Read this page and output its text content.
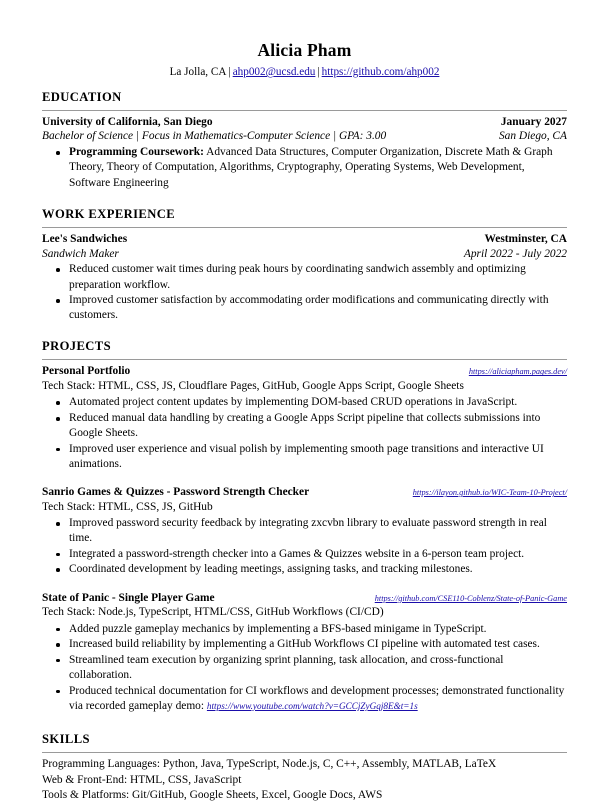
Alicia Pham
La Jolla, CA | ahp002@ucsd.edu | https://github.com/ahp002
EDUCATION
University of California, San Diego	January 2027
Bachelor of Science | Focus in Mathematics-Computer Science | GPA: 3.00	San Diego, CA
Programming Coursework: Advanced Data Structures, Computer Organization, Discrete Math & Graph Theory, Theory of Computation, Algorithms, Cryptography, Operating Systems, Web Development, Software Engineering
WORK EXPERIENCE
Lee's Sandwiches	Westminster, CA
Sandwich Maker	April 2022 - July 2022
Reduced customer wait times during peak hours by coordinating sandwich assembly and optimizing preparation workflow.
Improved customer satisfaction by accommodating order modifications and communicating directly with customers.
PROJECTS
Personal Portfolio	https://aliciapham.pages.dev/
Tech Stack: HTML, CSS, JS, Cloudflare Pages, GitHub, Google Apps Script, Google Sheets
Automated project content updates by implementing DOM-based CRUD operations in JavaScript.
Reduced manual data handling by creating a Google Apps Script pipeline that collects submissions into Google Sheets.
Improved user experience and visual polish by implementing smooth page transitions and interactive UI animations.
Sanrio Games & Quizzes - Password Strength Checker	https://ilayon.github.io/WIC-Team-10-Project/
Tech Stack: HTML, CSS, JS, GitHub
Improved password security feedback by integrating zxcvbn library to evaluate password strength in real time.
Integrated a password-strength checker into a Games & Quizzes website in a 6-person team project.
Coordinated development by leading meetings, assigning tasks, and tracking milestones.
State of Panic - Single Player Game	https://github.com/CSE110-Coblenz/State-of-Panic-Game
Tech Stack: Node.js, TypeScript, HTML/CSS, GitHub Workflows (CI/CD)
Added puzzle gameplay mechanics by implementing a BFS-based minigame in TypeScript.
Increased build reliability by implementing a GitHub Workflows CI pipeline with automated test cases.
Streamlined team execution by organizing sprint planning, task allocation, and cross-functional collaboration.
Produced technical documentation for CI workflows and development processes; demonstrated functionality via recorded gameplay demo: https://www.youtube.com/watch?v=GCCjZyGqj8E&t=1s
SKILLS
Programming Languages: Python, Java, TypeScript, Node.js, C, C++, Assembly, MATLAB, LaTeX
Web & Front-End: HTML, CSS, JavaScript
Tools & Platforms: Git/GitHub, Google Sheets, Excel, Google Docs, AWS
